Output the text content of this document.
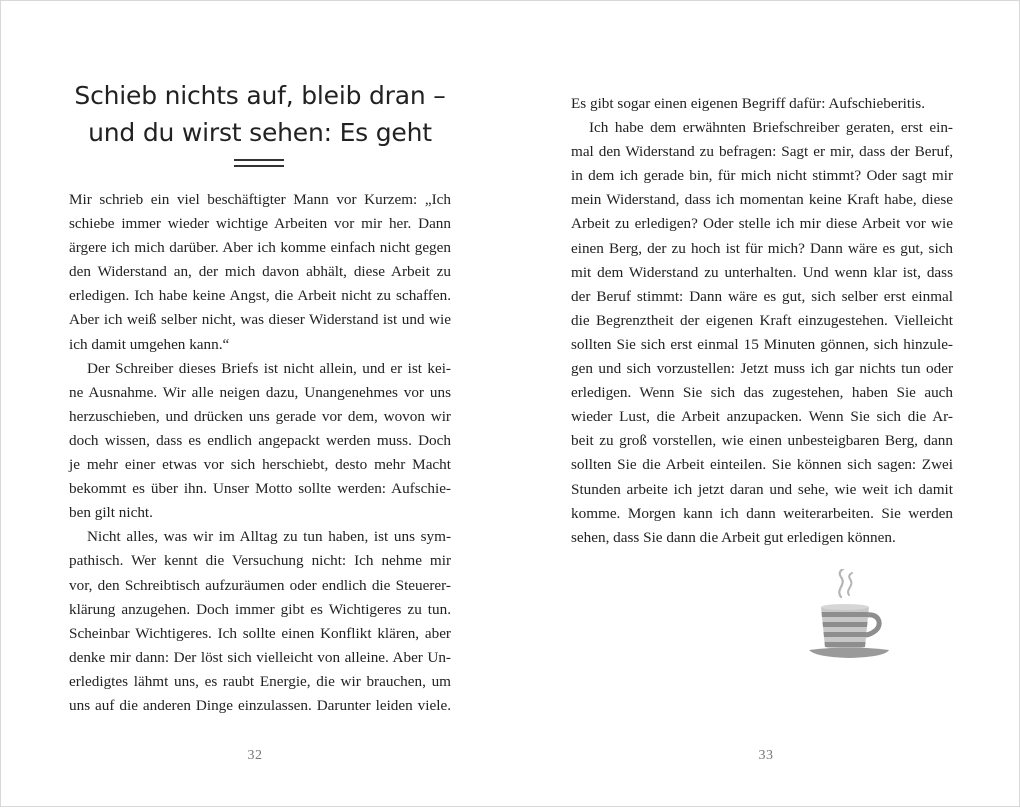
Schieb nichts auf, bleib dran –
und du wirst sehen: Es geht
Mir schrieb ein viel beschäftigter Mann vor Kurzem: „Ich
schiebe immer wieder wichtige Arbeiten vor mir her. Dann
ärgere ich mich darüber. Aber ich komme einfach nicht gegen
den Widerstand an, der mich davon abhält, diese Arbeit zu
erledigen. Ich habe keine Angst, die Arbeit nicht zu schaffen.
Aber ich weiß selber nicht, was dieser Widerstand ist und wie
ich damit umgehen kann.“
Der Schreiber dieses Briefs ist nicht allein, und er ist kei-
ne Ausnahme. Wir alle neigen dazu, Unangenehmes vor uns
herzuschieben, und drücken uns gerade vor dem, wovon wir
doch wissen, dass es endlich angepackt werden muss. Doch
je mehr einer etwas vor sich herschiebt, desto mehr Macht
bekommt es über ihn. Unser Motto sollte werden: Aufschie-
ben gilt nicht.
Nicht alles, was wir im Alltag zu tun haben, ist uns sym-
pathisch. Wer kennt die Versuchung nicht: Ich nehme mir
vor, den Schreibtisch aufzuräumen oder endlich die Steuerer-
klärung anzugehen. Doch immer gibt es Wichtigeres zu tun.
Scheinbar Wichtigeres. Ich sollte einen Konflikt klären, aber
denke mir dann: Der löst sich vielleicht von alleine. Aber Un-
erledigtes lähmt uns, es raubt Energie, die wir brauchen, um
uns auf die anderen Dinge einzulassen. Darunter leiden viele.
32
Es gibt sogar einen eigenen Begriff dafür: Aufschieberitis.
Ich habe dem erwähnten Briefschreiber geraten, erst ein-
mal den Widerstand zu befragen: Sagt er mir, dass der Beruf,
in dem ich gerade bin, für mich nicht stimmt? Oder sagt mir
mein Widerstand, dass ich momentan keine Kraft habe, diese
Arbeit zu erledigen? Oder stelle ich mir diese Arbeit vor wie
einen Berg, der zu hoch ist für mich? Dann wäre es gut, sich
mit dem Widerstand zu unterhalten. Und wenn klar ist, dass
der Beruf stimmt: Dann wäre es gut, sich selber erst einmal
die Begrenztheit der eigenen Kraft einzugestehen. Vielleicht
sollten Sie sich erst einmal 15 Minuten gönnen, sich hinzule-
gen und sich vorzustellen: Jetzt muss ich gar nichts tun oder
erledigen. Wenn Sie sich das zugestehen, haben Sie auch
wieder Lust, die Arbeit anzupacken. Wenn Sie sich die Ar-
beit zu groß vorstellen, wie einen unbesteigbaren Berg, dann
sollten Sie die Arbeit einteilen. Sie können sich sagen: Zwei
Stunden arbeite ich jetzt daran und sehe, wie weit ich damit
komme. Morgen kann ich dann weiterarbeiten. Sie werden
sehen, dass Sie dann die Arbeit gut erledigen können.
33
